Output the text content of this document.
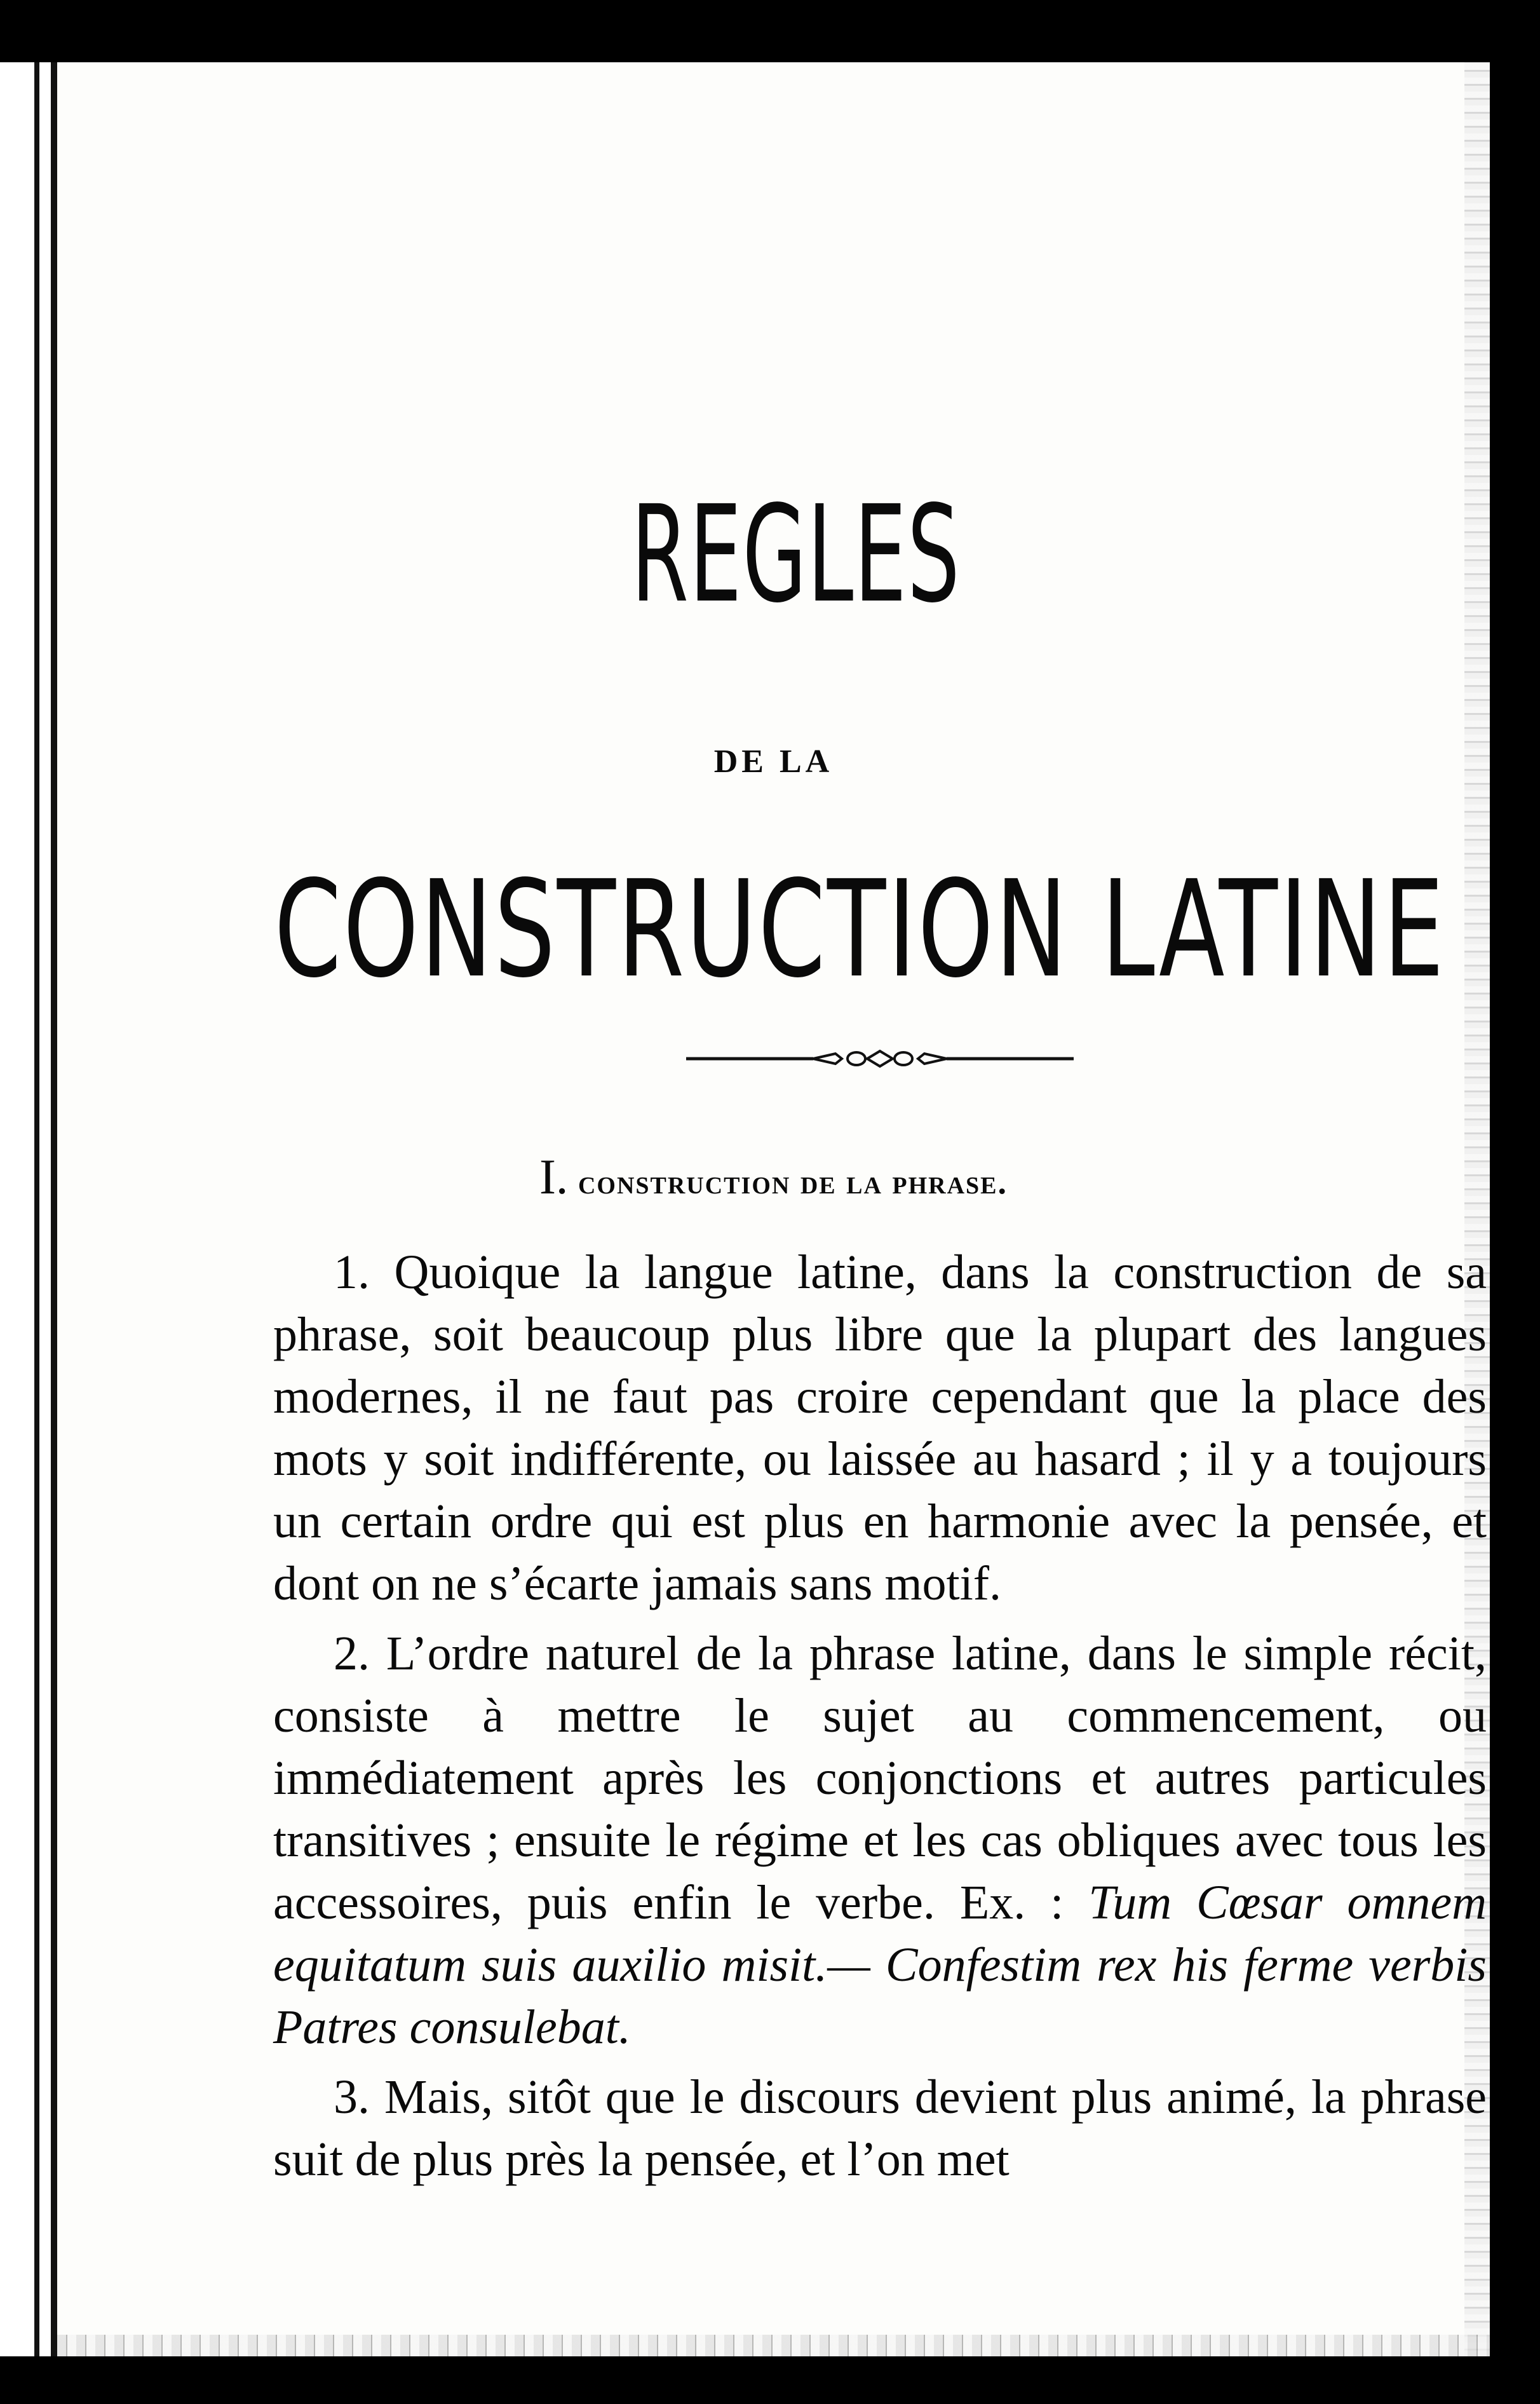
REGLES
DE LA
CONSTRUCTION LATINE
I. construction de la phrase.

1. Quoique la langue latine, dans la construction de sa phrase, soit beaucoup plus libre que la plupart des langues modernes, il ne faut pas croire cependant que la place des mots y soit indifférente, ou laissée au hasard ; il y a toujours un certain ordre qui est plus en harmonie avec la pensée, et dont on ne s’écarte jamais sans motif.

2. L’ordre naturel de la phrase latine, dans le simple récit, consiste à mettre le sujet au commencement, ou immédiatement après les conjonctions et autres particules transitives ; ensuite le régime et les cas obliques avec tous les accessoires, puis enfin le verbe. Ex. : Tum Cœsar omnem equitatum suis auxilio misit.— Confestim rex his ferme verbis Patres consulebat.

3. Mais, sitôt que le discours devient plus animé, la phrase suit de plus près la pensée, et l’on met
